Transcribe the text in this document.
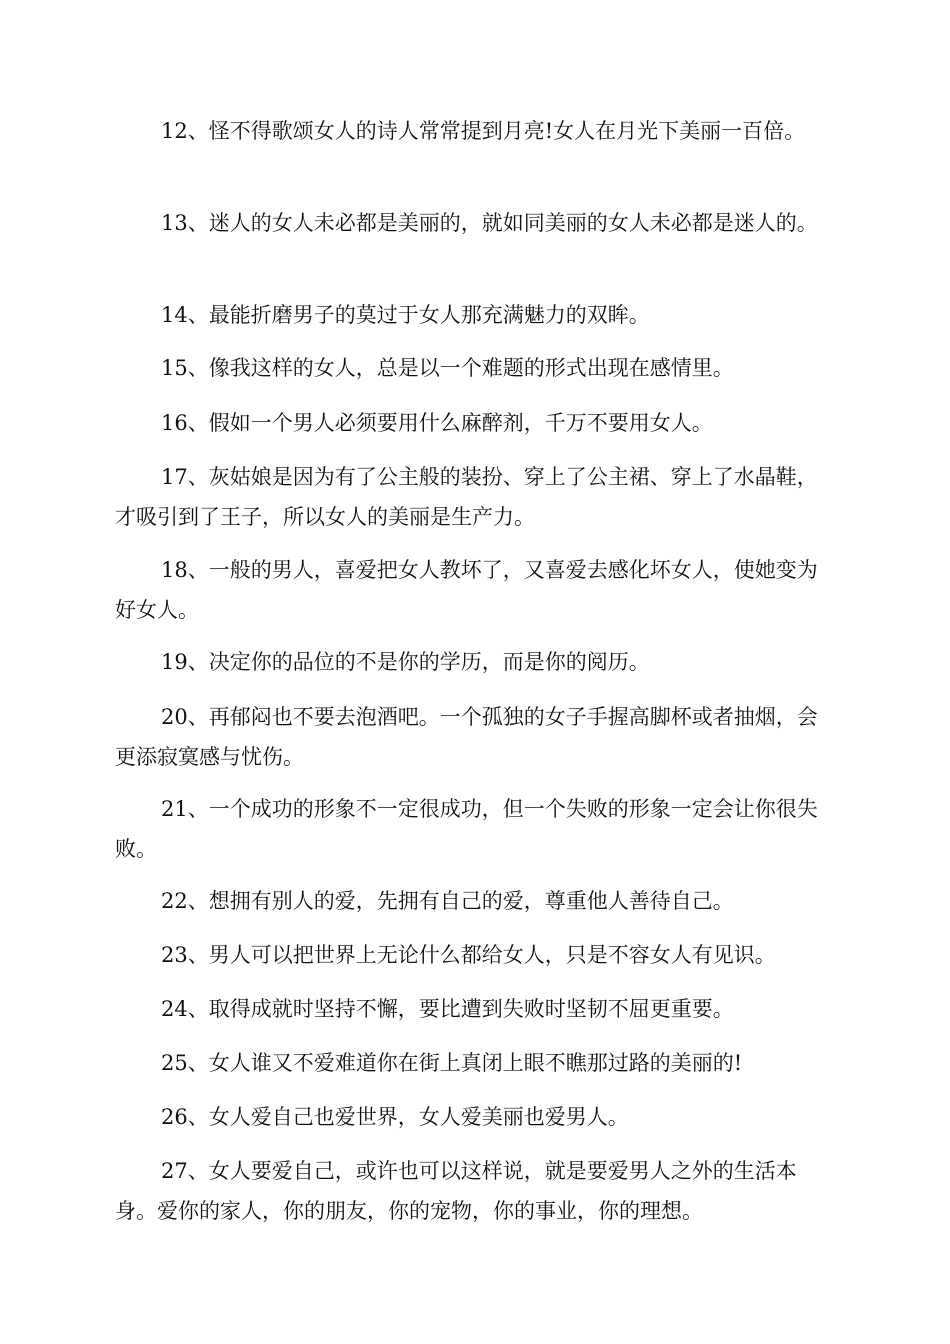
12、怪不得歌颂女人的诗人常常提到月亮!女人在月光下美丽一百倍。

13、迷人的女人未必都是美丽的，就如同美丽的女人未必都是迷人的。

14、最能折磨男子的莫过于女人那充满魅力的双眸。

15、像我这样的女人，总是以一个难题的形式出现在感情里。

16、假如一个男人必须要用什么麻醉剂，千万不要用女人。

17、灰姑娘是因为有了公主般的装扮、穿上了公主裙、穿上了水晶鞋，才吸引到了王子，所以女人的美丽是生产力。

18、一般的男人，喜爱把女人教坏了，又喜爱去感化坏女人，使她变为好女人。

19、决定你的品位的不是你的学历，而是你的阅历。

20、再郁闷也不要去泡酒吧。一个孤独的女子手握高脚杯或者抽烟，会更添寂寞感与忧伤。

21、一个成功的形象不一定很成功，但一个失败的形象一定会让你很失败。

22、想拥有别人的爱，先拥有自己的爱，尊重他人善待自己。

23、男人可以把世界上无论什么都给女人，只是不容女人有见识。

24、取得成就时坚持不懈，要比遭到失败时坚韧不屈更重要。

25、女人谁又不爱难道你在街上真闭上眼不瞧那过路的美丽的!

26、女人爱自己也爱世界，女人爱美丽也爱男人。

27、女人要爱自己，或许也可以这样说，就是要爱男人之外的生活本身。爱你的家人，你的朋友，你的宠物，你的事业，你的理想。
